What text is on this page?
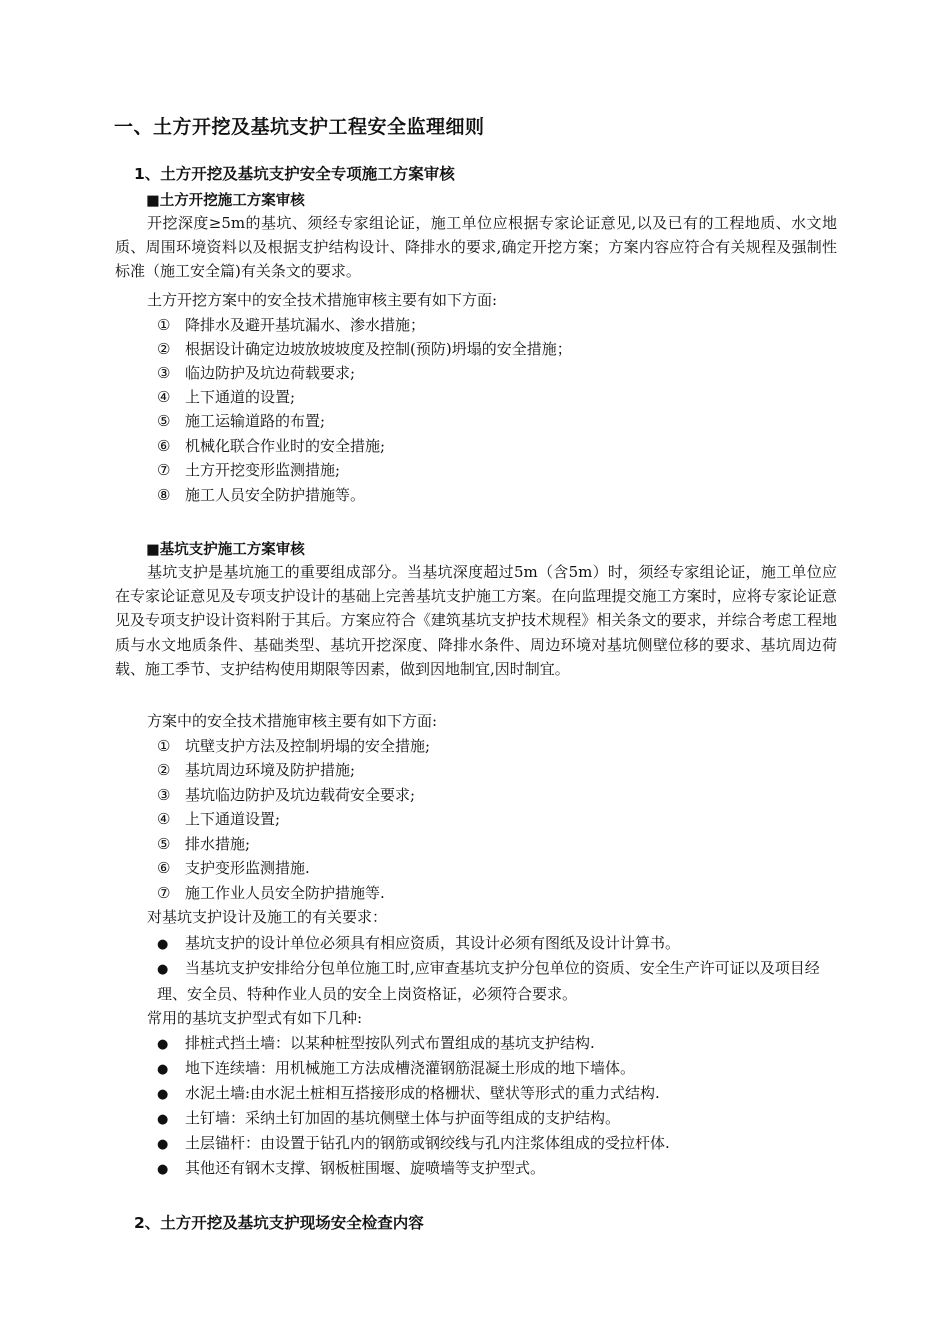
一、土方开挖及基坑支护工程安全监理细则
1、土方开挖及基坑支护安全专项施工方案审核
■土方开挖施工方案审核
开挖深度≥5m的基坑、须经专家组论证，施工单位应根据专家论证意见,以及已有的工程地质、水文地质、周围环境资料以及根据支护结构设计、降排水的要求,确定开挖方案；方案内容应符合有关规程及强制性标准（施工安全篇)有关条文的要求。
土方开挖方案中的安全技术措施审核主要有如下方面:
① 降排水及避开基坑漏水、渗水措施；
② 根据设计确定边坡放坡坡度及控制(预防)坍塌的安全措施；
③ 临边防护及坑边荷载要求;
④ 上下通道的设置;
⑤ 施工运输道路的布置;
⑥ 机械化联合作业时的安全措施;
⑦ 土方开挖变形监测措施;
⑧ 施工人员安全防护措施等。
■基坑支护施工方案审核
基坑支护是基坑施工的重要组成部分。当基坑深度超过5m（含5m）时，须经专家组论证，施工单位应在专家论证意见及专项支护设计的基础上完善基坑支护施工方案。在向监理提交施工方案时，应将专家论证意见及专项支护设计资料附于其后。方案应符合《建筑基坑支护技术规程》相关条文的要求，并综合考虑工程地质与水文地质条件、基础类型、基坑开挖深度、降排水条件、周边环境对基坑侧壁位移的要求、基坑周边荷载、施工季节、支护结构使用期限等因素，做到因地制宜,因时制宜。
方案中的安全技术措施审核主要有如下方面:
① 坑壁支护方法及控制坍塌的安全措施;
② 基坑周边环境及防护措施;
③ 基坑临边防护及坑边载荷安全要求;
④ 上下通道设置;
⑤ 排水措施;
⑥ 支护变形监测措施.
⑦ 施工作业人员安全防护措施等.
对基坑支护设计及施工的有关要求：
● 基坑支护的设计单位必须具有相应资质，其设计必须有图纸及设计计算书。
● 当基坑支护安排给分包单位施工时,应审查基坑支护分包单位的资质、安全生产许可证以及项目经理、安全员、特种作业人员的安全上岗资格证，必须符合要求。
常用的基坑支护型式有如下几种:
● 排桩式挡土墙：以某种桩型按队列式布置组成的基坑支护结构.
● 地下连续墙：用机械施工方法成槽浇灌钢筋混凝土形成的地下墙体。
● 水泥土墙:由水泥土桩相互搭接形成的格栅状、壁状等形式的重力式结构.
● 土钉墙：采纳土钉加固的基坑侧壁土体与护面等组成的支护结构。
● 土层锚杆：由设置于钻孔内的钢筋或钢绞线与孔内注浆体组成的受拉杆体.
● 其他还有钢木支撑、钢板桩围堰、旋喷墙等支护型式。
2、土方开挖及基坑支护现场安全检查内容
